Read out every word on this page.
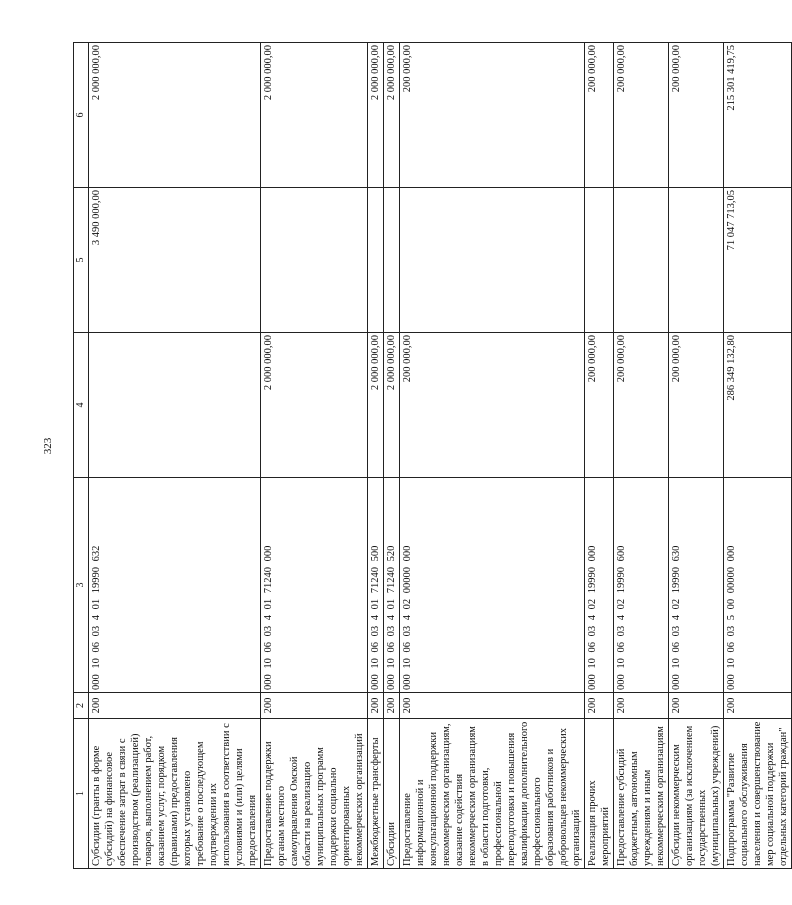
323
1	2	3	4	5	6
Субсидии (гранты в форме субсидий) на финансовое обеспечение затрат в связи с производством (реализацией) товаров, выполнением работ, оказанием услуг, порядком (правилами) предоставления которых установлено требование о последующем подтверждении их использования в соответствии с условиями и (или) целями предоставления	200	000 10 06 03 4 01 19990 632		3 490 000,00	2 000 000,00
Предоставление поддержки органам местного самоуправления Омской области на реализацию муниципальных программ поддержки социально ориентированных некоммерческих организаций	200	000 10 06 03 4 01 71240 000	2 000 000,00		2 000 000,00
Межбюджетные трансферты	200	000 10 06 03 4 01 71240 500	2 000 000,00		2 000 000,00
Субсидии	200	000 10 06 03 4 01 71240 520	2 000 000,00		2 000 000,00
Предоставление информационной и консультационной поддержки некоммерческим организациям, оказание содействия некоммерческим организациям в области подготовки, профессиональной переподготовки и повышения квалификации дополнительного профессионального образования работников и добровольцев некоммерческих организаций	200	000 10 06 03 4 02 00000 000	200 000,00		200 000,00
Реализация прочих мероприятий	200	000 10 06 03 4 02 19990 000	200 000,00		200 000,00
Предоставление субсидий бюджетным, автономным учреждениям и иным некоммерческим организациям	200	000 10 06 03 4 02 19990 600	200 000,00		200 000,00
Субсидии некоммерческим организациям (за исключением государственных (муниципальных) учреждений)	200	000 10 06 03 4 02 19990 630	200 000,00		200 000,00
Подпрограмма "Развитие социального обслуживания населения и совершенствование мер социальной поддержки отдельных категорий граждан"	200	000 10 06 03 5 00 00000 000	286 349 132,80	71 047 713,05	215 301 419,75
